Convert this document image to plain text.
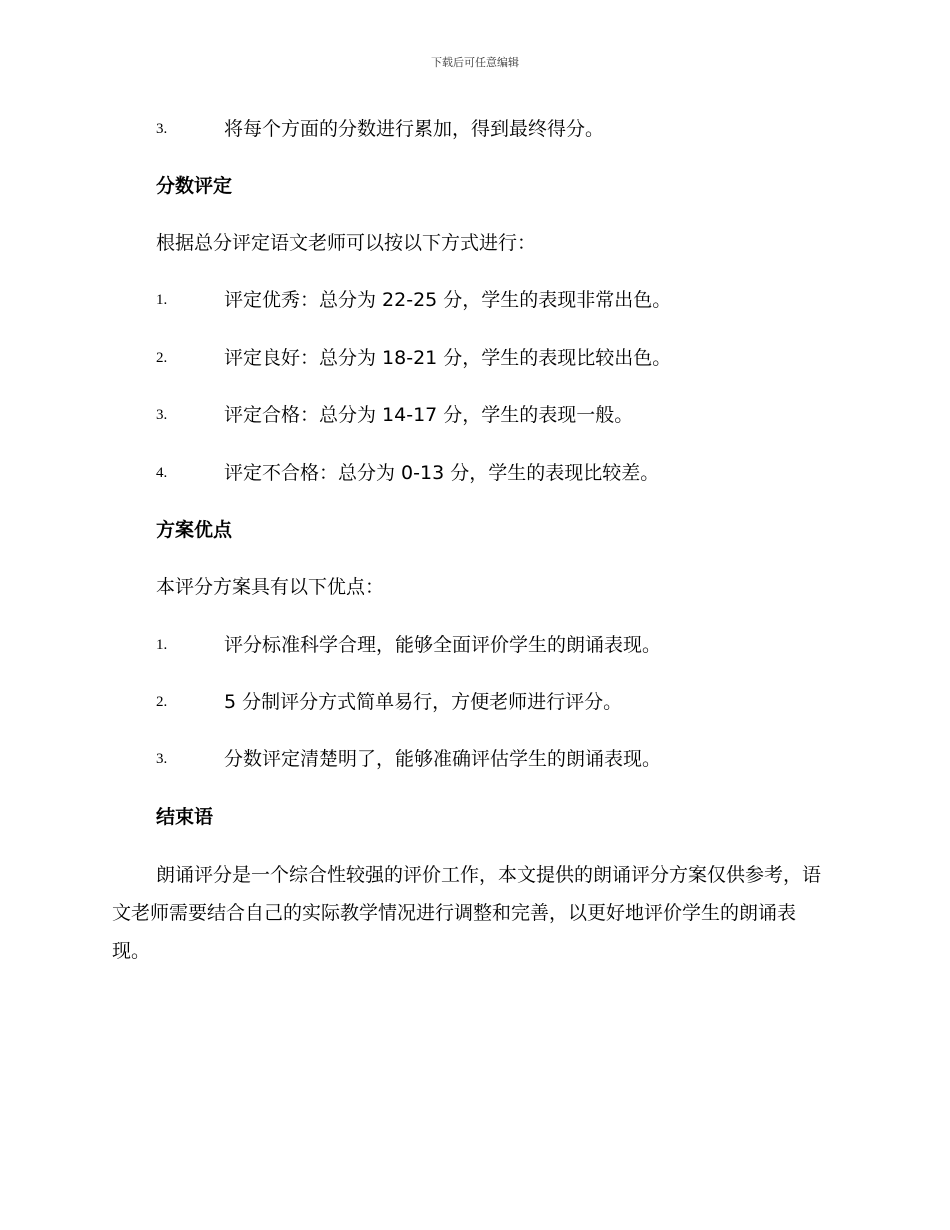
下载后可任意编辑
3.	将每个方面的分数进行累加，得到最终得分。
分数评定
根据总分评定语文老师可以按以下方式进行：
1.	评定优秀：总分为 22-25 分，学生的表现非常出色。
2.	评定良好：总分为 18-21 分，学生的表现比较出色。
3.	评定合格：总分为 14-17 分，学生的表现一般。
4.	评定不合格：总分为 0-13 分，学生的表现比较差。
方案优点
本评分方案具有以下优点：
1.	评分标准科学合理，能够全面评价学生的朗诵表现。
2.	5 分制评分方式简单易行，方便老师进行评分。
3.	分数评定清楚明了，能够准确评估学生的朗诵表现。
结束语
朗诵评分是一个综合性较强的评价工作，本文提供的朗诵评分方案仅供参考，语文老师需要结合自己的实际教学情况进行调整和完善，以更好地评价学生的朗诵表现。
